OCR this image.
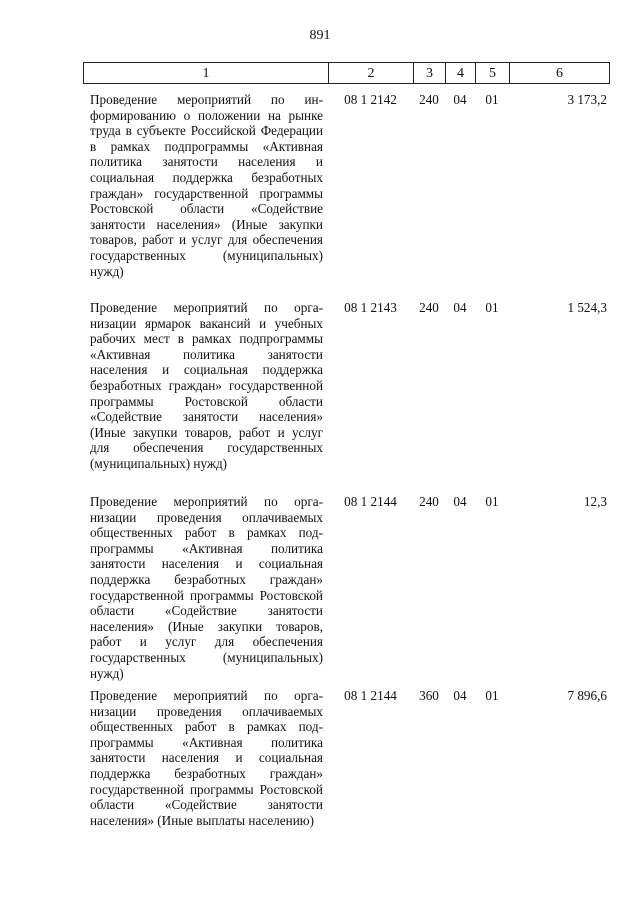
891
1	2	3	4	5	6
Проведение мероприятий по информированию о положении на рынке труда в субъекте Российской Федерации в рамках подпрограммы «Активная политика занятости населения и социальная поддержка безработных граждан» государственной программы Ростовской области «Содействие занятости населения» (Иные закупки товаров, работ и услуг для обеспечения государственных (муниципальных) нужд)
08 1 2142	240	04	01	3 173,2
Проведение мероприятий по организации ярмарок вакансий и учебных рабочих мест в рамках подпрограммы «Активная политика занятости населения и социальная поддержка безработных граждан» государственной программы Ростовской области «Содействие занятости населения» (Иные закупки товаров, работ и услуг для обеспечения государственных (муниципальных) нужд)
08 1 2143	240	04	01	1 524,3
Проведение мероприятий по организации проведения оплачиваемых общественных работ в рамках подпрограммы «Активная политика занятости населения и социальная поддержка безработных граждан» государственной программы Ростовской области «Содействие занятости населения» (Иные закупки товаров, работ и услуг для обеспечения государственных (муниципальных) нужд)
08 1 2144	240	04	01	12,3
Проведение мероприятий по организации проведения оплачиваемых общественных работ в рамках подпрограммы «Активная политика занятости населения и социальная поддержка безработных граждан» государственной программы Ростовской области «Содействие занятости населения» (Иные выплаты населению)
08 1 2144	360	04	01	7 896,6
